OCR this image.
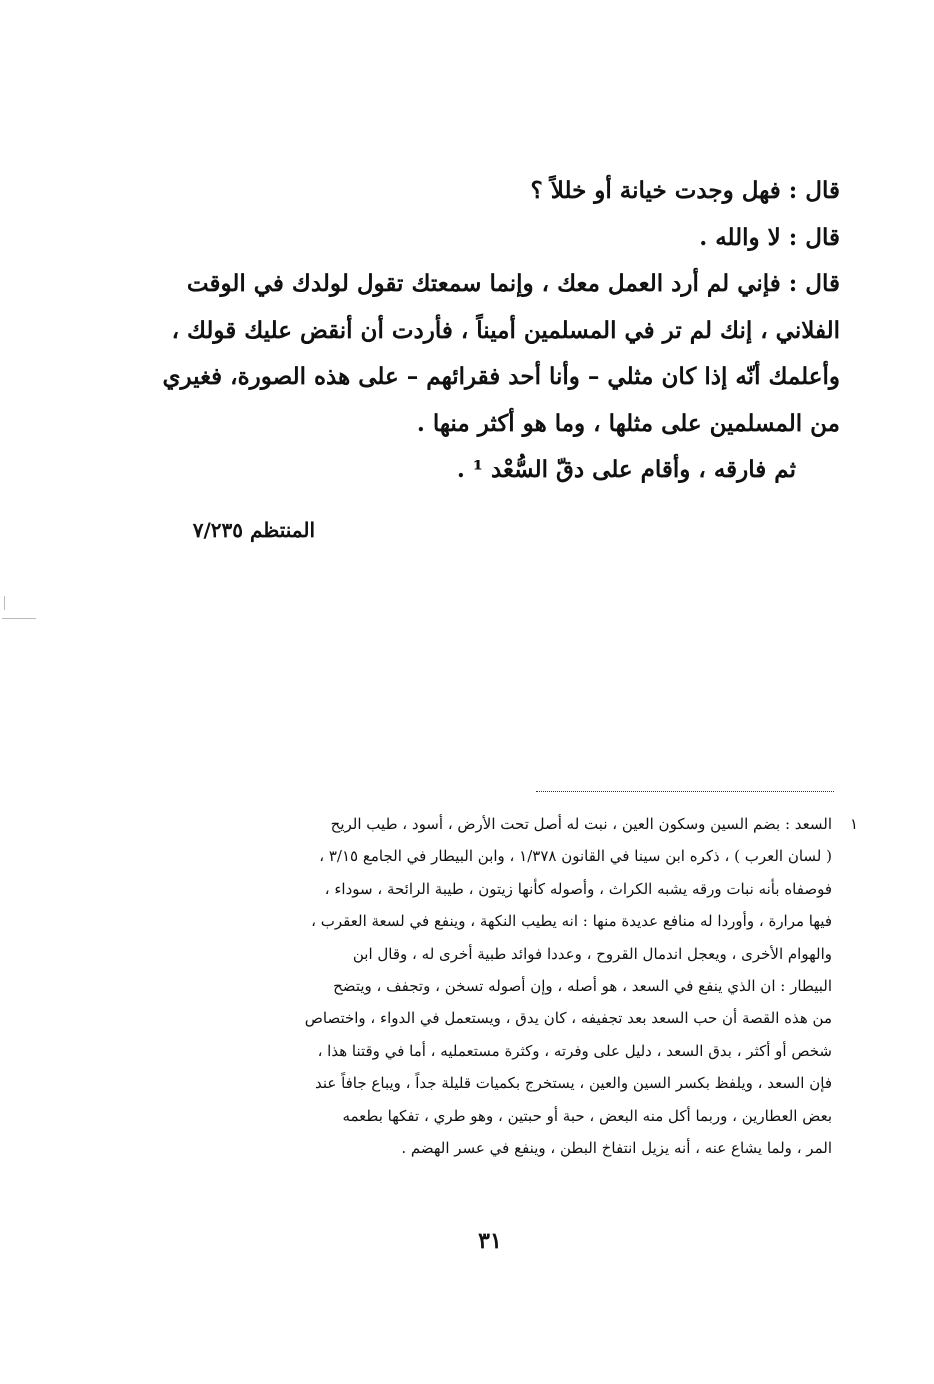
قال : فهل وجدت خيانة أو خللاً ؟

قال : لا والله .

قال : فإني لم أرد العمل معك ، وإنما سمعتك تقول لولدك في الوقت

الفلاني ، إنك لم تر في المسلمين أميناً ، فأردت أن أنقض عليك قولك ،

وأعلمك أنّه إذا كان مثلي – وأنا أحد فقرائهم – على هذه الصورة، فغيري

من المسلمين على مثلها ، وما هو أكثر منها .

ثم فارقه ، وأقام على دقّ السُّعْد ¹ .

المنتظم ٧/٢٣٥
١

السعد : بضم السين وسكون العين ، نبت له أصل تحت الأرض ، أسود ، طيب الريح

( لسان العرب ) ، ذكره ابن سينا في القانون ١/٣٧٨ ، وابن البيطار في الجامع ٣/١٥ ،

فوصفاه بأنه نبات ورقه يشبه الكراث ، وأصوله كأنها زيتون ، طيبة الرائحة ، سوداء ،

فيها مرارة ، وأوردا له منافع عديدة منها : انه يطيب النكهة ، وينفع في لسعة العقرب ،

والهوام الأخرى ، ويعجل اندمال القروح ، وعددا فوائد طبية أخرى له ، وقال ابن

البيطار : ان الذي ينفع في السعد ، هو أصله ، وإن أصوله تسخن ، وتجفف ، ويتضح

من هذه القصة أن حب السعد بعد تجفيفه ، كان يدق ، ويستعمل في الدواء ، واختصاص

شخص أو أكثر ، بدق السعد ، دليل على وفرته ، وكثرة مستعمليه ، أما في وقتنا هذا ،

فإن السعد ، ويلفظ بكسر السين والعين ، يستخرج بكميات قليلة جداً ، ويباع جافاً عند

بعض العطارين ، وربما أكل منه البعض ، حبة أو حبتين ، وهو طري ، تفكها بطعمه

المر ، ولما يشاع عنه ، أنه يزيل انتفاخ البطن ، وينفع في عسر الهضم .

٣١
